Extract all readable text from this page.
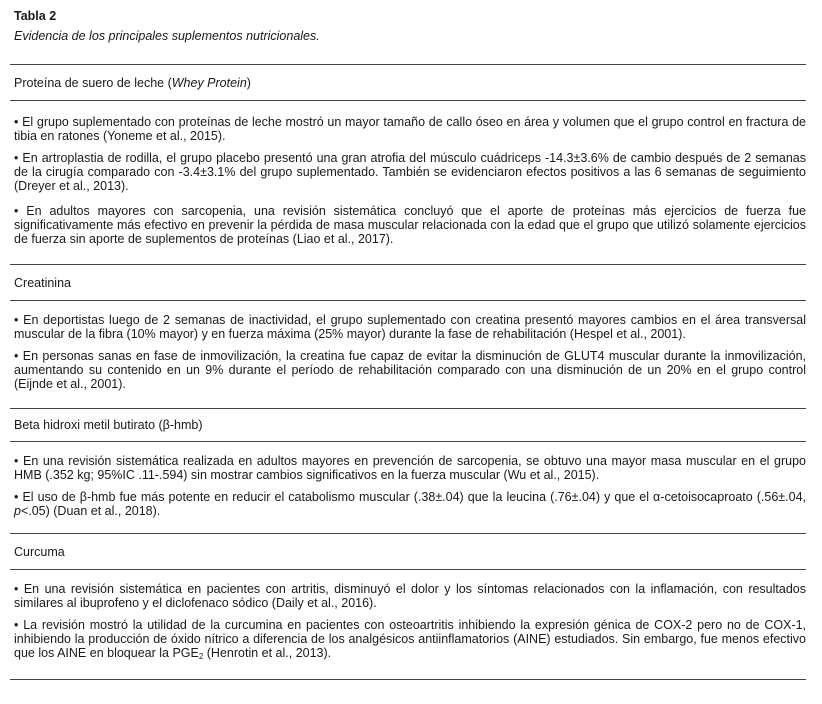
Tabla 2

Evidencia de los principales suplementos nutricionales.

Proteína de suero de leche (Whey Protein)

• El grupo suplementado con proteínas de leche mostró un mayor tamaño de callo óseo en área y volumen que el grupo control en fractura de tibia en ratones (Yoneme et al., 2015).

• En artroplastia de rodilla, el grupo placebo presentó una gran atrofia del músculo cuádriceps -14.3±3.6% de cambio después de 2 semanas de la cirugía comparado con -3.4±3.1% del grupo suplementado. También se evidenciaron efectos positivos a las 6 semanas de seguimiento (Dreyer et al., 2013).

• En adultos mayores con sarcopenia, una revisión sistemática concluyó que el aporte de proteínas más ejercicios de fuerza fue significativamente más efectivo en prevenir la pérdida de masa muscular relacionada con la edad que el grupo que utilizó solamente ejercicios de fuerza sin aporte de suplementos de proteínas (Liao et al., 2017).

Creatinina

• En deportistas luego de 2 semanas de inactividad, el grupo suplementado con creatina presentó mayores cambios en el área transversal muscular de la fibra (10% mayor) y en fuerza máxima (25% mayor) durante la fase de rehabilitación (Hespel et al., 2001).

• En personas sanas en fase de inmovilización, la creatina fue capaz de evitar la disminución de GLUT4 muscular durante la inmovilización, aumentando su contenido en un 9% durante el período de rehabilitación comparado con una disminución de un 20% en el grupo control (Eijnde et al., 2001).

Beta hidroxi metil butirato (β-hmb)

• En una revisión sistemática realizada en adultos mayores en prevención de sarcopenia, se obtuvo una mayor masa muscular en el grupo HMB (.352 kg; 95%IC .11-.594) sin mostrar cambios significativos en la fuerza muscular (Wu et al., 2015).

• El uso de β-hmb fue más potente en reducir el catabolismo muscular (.38±.04) que la leucina (.76±.04) y que el α-cetoisocaproato (.56±.04, p<.05) (Duan et al., 2018).

Curcuma

• En una revisión sistemática en pacientes con artritis, disminuyó el dolor y los síntomas relacionados con la inflamación, con resultados similares al ibuprofeno y el diclofenaco sódico (Daily et al., 2016).

• La revisión mostró la utilidad de la curcumina en pacientes con osteoartritis inhibiendo la expresión génica de COX-2 pero no de COX-1, inhibiendo la producción de óxido nítrico a diferencia de los analgésicos antiinflamatorios (AINE) estudiados. Sin embargo, fue menos efectivo que los AINE en bloquear la $PGE_2$ (Henrotin et al., 2013).
